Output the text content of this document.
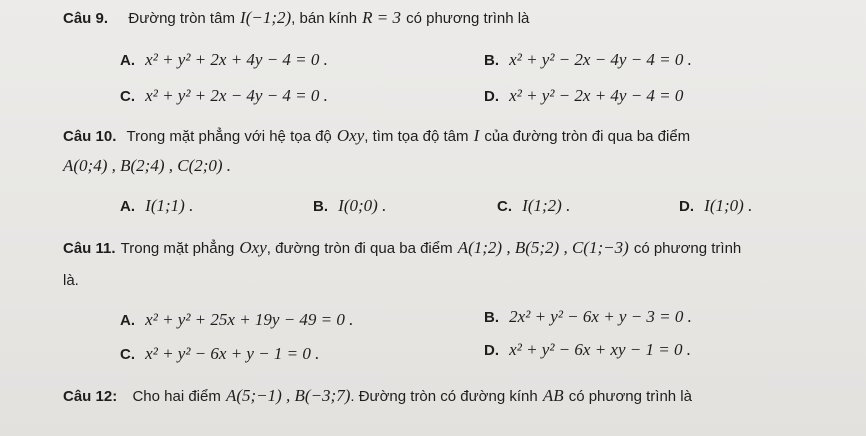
Câu 9. Đường tròn tâm I(−1;2), bán kính R = 3 có phương trình là
A. x² + y² + 2x + 4y − 4 = 0 .	B. x² + y² − 2x − 4y − 4 = 0 .
C. x² + y² + 2x − 4y − 4 = 0 .	D. x² + y² − 2x + 4y − 4 = 0
Câu 10. Trong mặt phẳng với hệ tọa độ Oxy, tìm tọa độ tâm I của đường tròn đi qua ba điểm
A(0;4) , B(2;4) , C(2;0) .
A. I(1;1) .	B. I(0;0) .	C. I(1;2) .	D. I(1;0) .
Câu 11. Trong mặt phẳng Oxy, đường tròn đi qua ba điểm A(1;2) , B(5;2) , C(1;−3) có phương trình
là.
A. x² + y² + 25x + 19y − 49 = 0 .	B. 2x² + y² − 6x + y − 3 = 0 .
C. x² + y² − 6x + y − 1 = 0 .	D. x² + y² − 6x + xy − 1 = 0 .
Câu 12: Cho hai điểm A(5;−1) , B(−3;7). Đường tròn có đường kính AB có phương trình là
